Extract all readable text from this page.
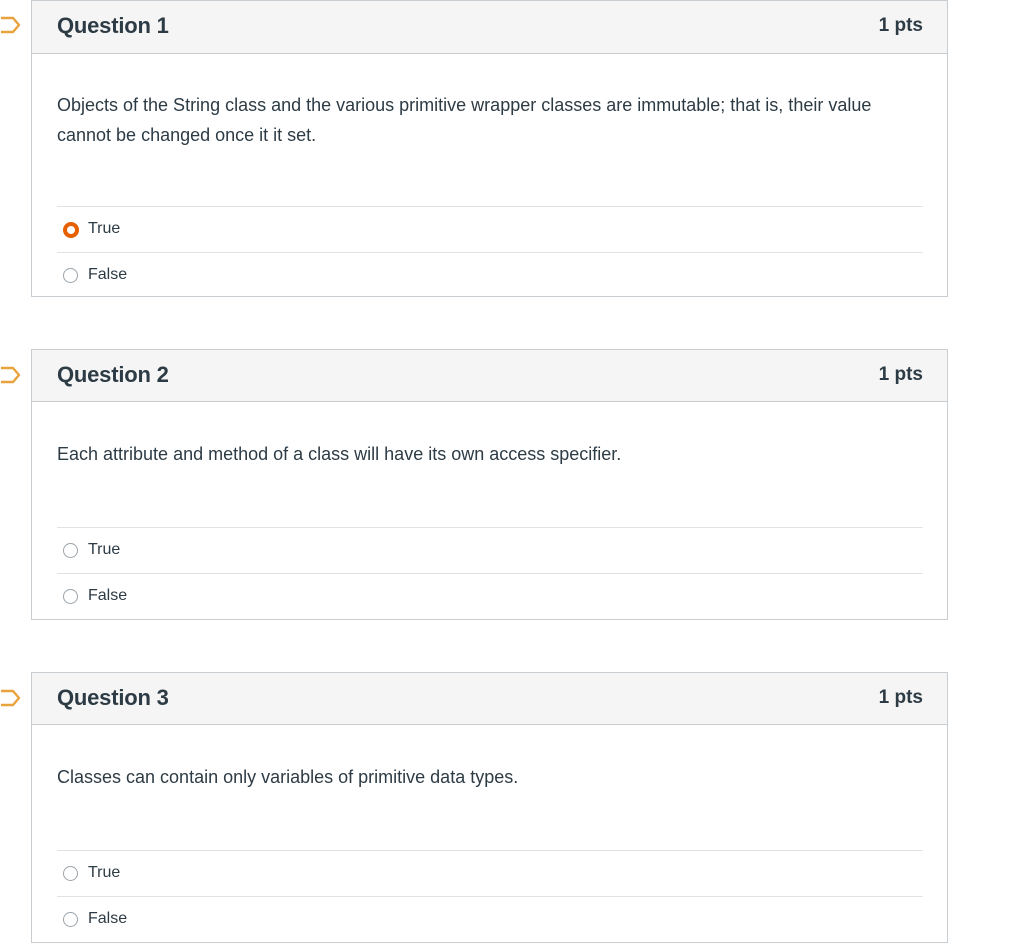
Question 1	1 pts

Objects of the String class and the various primitive wrapper classes are immutable; that is, their value cannot be changed once it it set.

True
False
Question 2	1 pts

Each attribute and method of a class will have its own access specifier.

True
False
Question 3	1 pts

Classes can contain only variables of primitive data types.

True
False
